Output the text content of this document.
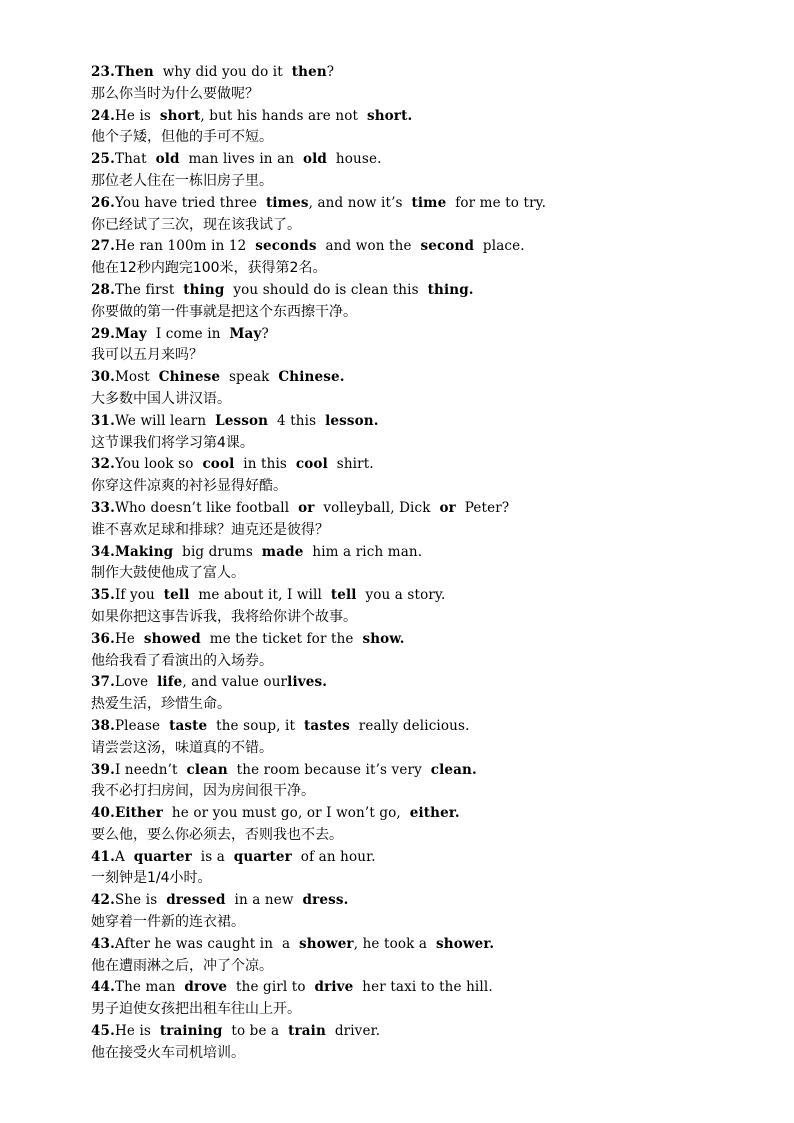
23.Then  why did you do it  then?
那么你当时为什么要做呢？
24.He is  short, but his hands are not  short.
他个子矮，但他的手可不短。
25.That  old  man lives in an  old  house.
那位老人住在一栋旧房子里。
26.You have tried three  times, and now it’s  time  for me to try.
你已经试了三次，现在该我试了。
27.He ran 100m in 12  seconds  and won the  second  place.
他在12秒内跑完100米，获得第2名。
28.The first  thing  you should do is clean this  thing.
你要做的第一件事就是把这个东西擦干净。
29.May  I come in  May?
我可以五月来吗？
30.Most  Chinese  speak  Chinese.
大多数中国人讲汉语。
31.We will learn  Lesson  4 this  lesson.
这节课我们将学习第4课。
32.You look so  cool  in this  cool  shirt.
你穿这件凉爽的衬衫显得好酷。
33.Who doesn’t like football  or  volleyball, Dick  or  Peter?
谁不喜欢足球和排球？迪克还是彼得？
34.Making  big drums  made  him a rich man.
制作大鼓使他成了富人。
35.If you  tell  me about it, I will  tell  you a story.
如果你把这事告诉我，我将给你讲个故事。
36.He  showed  me the ticket for the  show.
他给我看了看演出的入场券。
37.Love  life, and value ourlives.
热爱生活，珍惜生命。
38.Please  taste  the soup, it  tastes  really delicious.
请尝尝这汤，味道真的不错。
39.I needn’t  clean  the room because it’s very  clean.
我不必打扫房间，因为房间很干净。
40.Either  he or you must go, or I won’t go,  either.
要么他，要么你必须去，否则我也不去。
41.A  quarter  is a  quarter  of an hour.
一刻钟是1/4小时。
42.She is  dressed  in a new  dress.
她穿着一件新的连衣裙。
43.After he was caught in  a  shower, he took a  shower.
他在遭雨淋之后，冲了个凉。
44.The man  drove  the girl to  drive  her taxi to the hill.
男子迫使女孩把出租车往山上开。
45.He is  training  to be a  train  driver.
他在接受火车司机培训。
